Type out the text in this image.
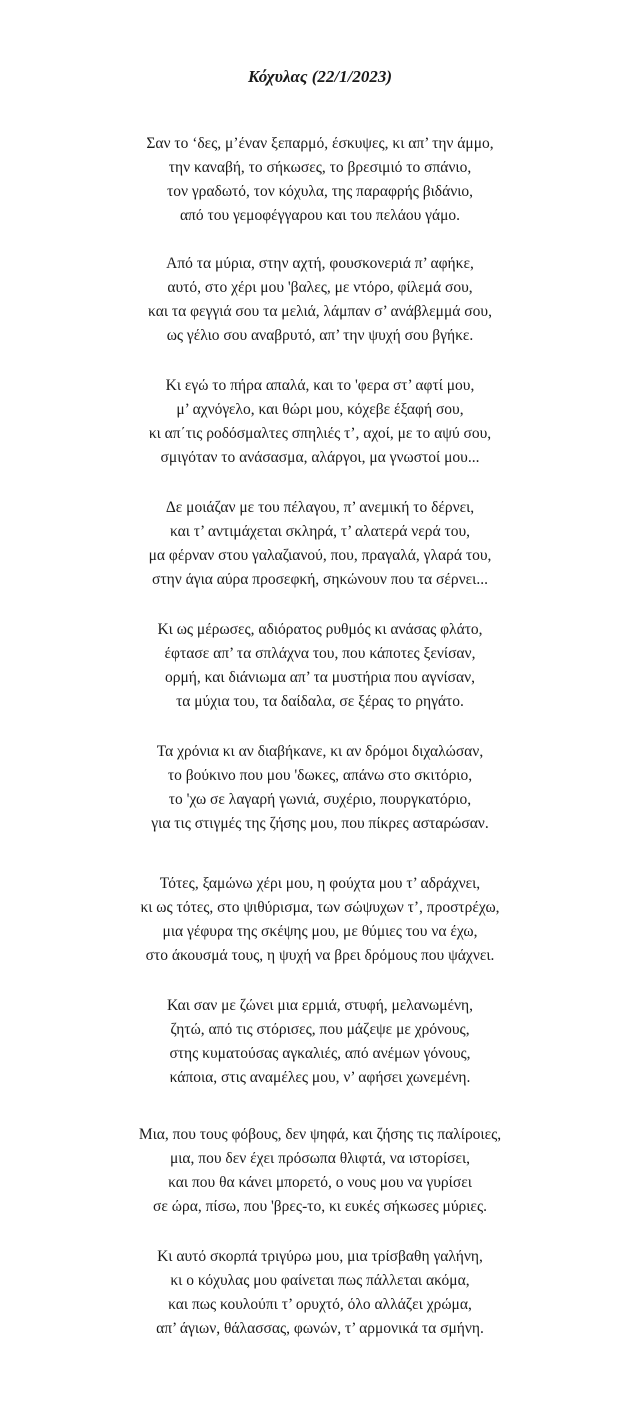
Κόχυλας (22/1/2023)
Σαν το ‘δες, μ’έναν ξεπαρμό, έσκυψες, κι απ’ την άμμο,
την καναβή, το σήκωσες, το βρεσιμιό το σπάνιο,
τον γραδωτό, τον κόχυλα, της παραφρής βιδάνιο,
από του γεμοφέγγαρου και του πελάου γάμο.
Από τα μύρια, στην αχτή, φουσκονεριά π’ αφήκε,
αυτό, στο χέρι μου 'βαλες, με ντόρο, φίλεμά σου,
και τα φεγγιά σου τα μελιά, λάμπαν σ’ ανάβλεμμά σου,
ως γέλιο σου αναβρυτό, απ’ την ψυχή σου βγήκε.
Κι εγώ το πήρα απαλά, και το 'φερα στ’ αφτί μου,
μ’ αχνόγελο, και θώρι μου, κόχεβε έξαφή σου,
κι απ΄τις ροδόσμαλτες σπηλιές τ’, αχοί, με το αψύ σου,
σμιγόταν το ανάσασμα, αλάργοι, μα γνωστοί μου...
Δε μοιάζαν με του πέλαγου, π’ ανεμική το δέρνει,
και τ’ αντιμάχεται σκληρά, τ’ αλατερά νερά του,
μα φέρναν στου γαλαζιανού, που, πραγαλά, γλαρά του,
στην άγια αύρα προσεφκή, σηκώνουν που τα σέρνει...
Κι ως μέρωσες, αδιόρατος ρυθμός κι ανάσας φλάτο,
έφτασε απ’ τα σπλάχνα του, που κάποτες ξενίσαν,
ορμή, και διάνιωμα απ’ τα μυστήρια που αγνίσαν,
τα μύχια του, τα δαίδαλα, σε ξέρας το ρηγάτο.
Τα χρόνια κι αν διαβήκανε, κι αν δρόμοι διχαλώσαν,
το βούκινο που μου 'δωκες, απάνω στο σκιτόριο,
το 'χω σε λαγαρή γωνιά, συχέριο, πουργκατόριο,
για τις στιγμές της ζήσης μου, που πίκρες ασταρώσαν.
Τότες, ξαμώνω χέρι μου, η φούχτα μου τ’ αδράχνει,
κι ως τότες, στο ψιθύρισμα, των σώψυχων τ’, προστρέχω,
μια γέφυρα της σκέψης μου, με θύμιες του να έχω,
στο άκουσμά τους, η ψυχή να βρει δρόμους που ψάχνει.
Και σαν με ζώνει μια ερμιά, στυφή, μελανωμένη,
ζητώ, από τις στόρισες, που μάζεψε με χρόνους,
στης κυματούσας αγκαλιές, από ανέμων γόνους,
κάποια, στις αναμέλες μου, ν’ αφήσει χωνεμένη.
Μια, που τους φόβους, δεν ψηφά, και ζήσης τις παλίροιες,
μια, που δεν έχει πρόσωπα θλιφτά, να ιστορίσει,
και που θα κάνει μπορετό, ο νους μου να γυρίσει
σε ώρα, πίσω, που 'βρες-το, κι ευκές σήκωσες μύριες.
Κι αυτό σκορπά τριγύρω μου, μια τρίσβαθη γαλήνη,
κι ο κόχυλας μου φαίνεται πως πάλλεται ακόμα,
και πως κουλούπι τ’ ορυχτό, όλο αλλάζει χρώμα,
απ’ άγιων, θάλασσας, φωνών, τ’ αρμονικά τα σμήνη.
